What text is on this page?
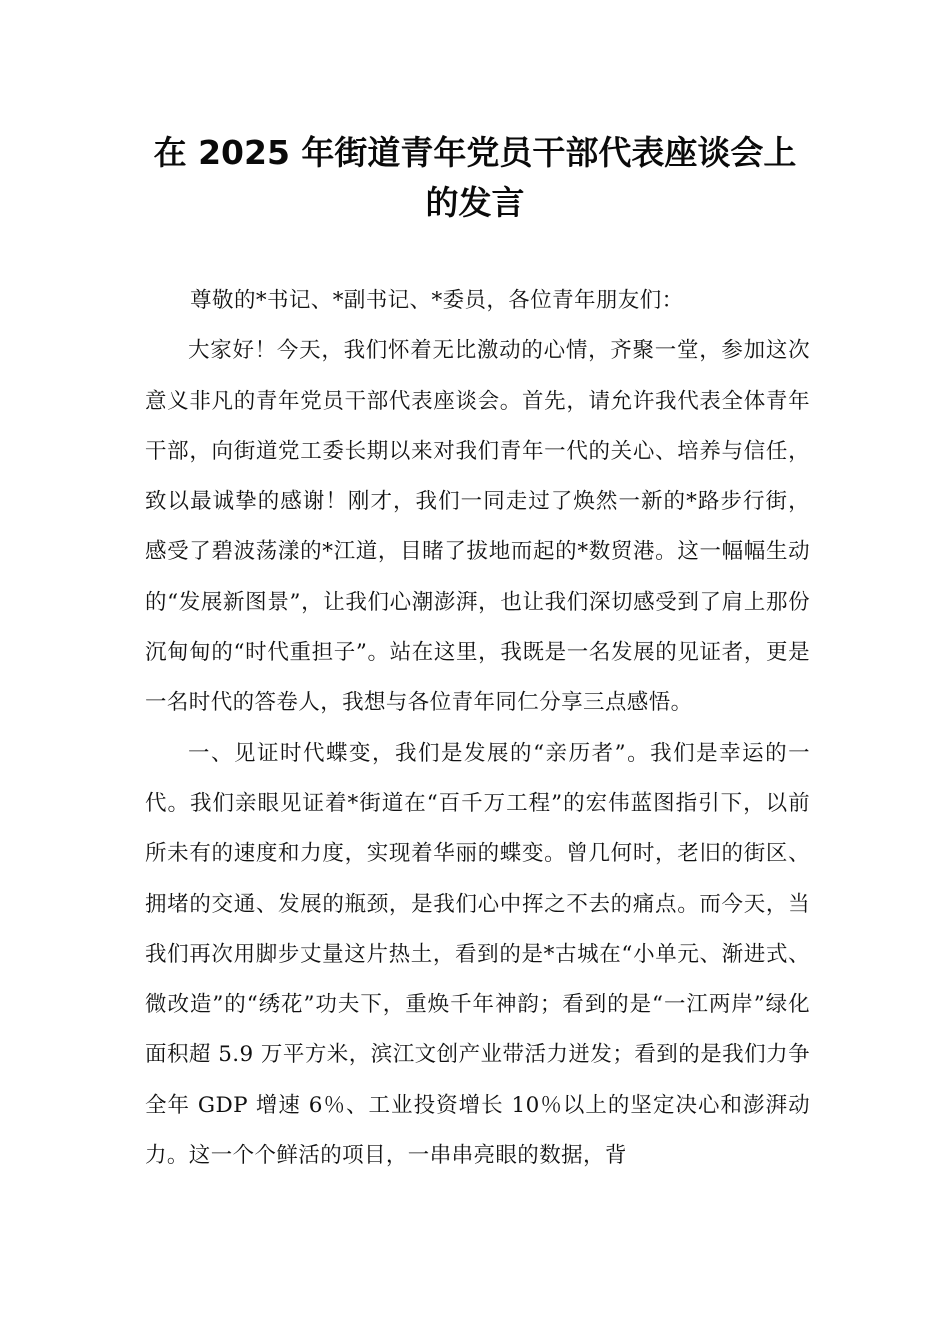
在 2025 年街道青年党员干部代表座谈会上
的发言

尊敬的*书记、*副书记、*委员，各位青年朋友们：

大家好！今天，我们怀着无比激动的心情，齐聚一堂，参加这次意义非凡的青年党员干部代表座谈会。首先，请允许我代表全体青年干部，向街道党工委长期以来对我们青年一代的关心、培养与信任，致以最诚挚的感谢！刚才，我们一同走过了焕然一新的*路步行街，感受了碧波荡漾的*江道，目睹了拔地而起的*数贸港。这一幅幅生动的“发展新图景”，让我们心潮澎湃，也让我们深切感受到了肩上那份沉甸甸的“时代重担子”。站在这里，我既是一名发展的见证者，更是一名时代的答卷人，我想与各位青年同仁分享三点感悟。

一、见证时代蝶变，我们是发展的“亲历者”。我们是幸运的一代。我们亲眼见证着*街道在“百千万工程”的宏伟蓝图指引下，以前所未有的速度和力度，实现着华丽的蝶变。曾几何时，老旧的街区、拥堵的交通、发展的瓶颈，是我们心中挥之不去的痛点。而今天，当我们再次用脚步丈量这片热土，看到的是*古城在“小单元、渐进式、微改造”的“绣花”功夫下，重焕千年神韵；看到的是“一江两岸”绿化面积超 5.9 万平方米，滨江文创产业带活力迸发；看到的是我们力争全年 GDP 增速 6％、工业投资增长 10％以上的坚定决心和澎湃动力。这一个个鲜活的项目，一串串亮眼的数据，背
